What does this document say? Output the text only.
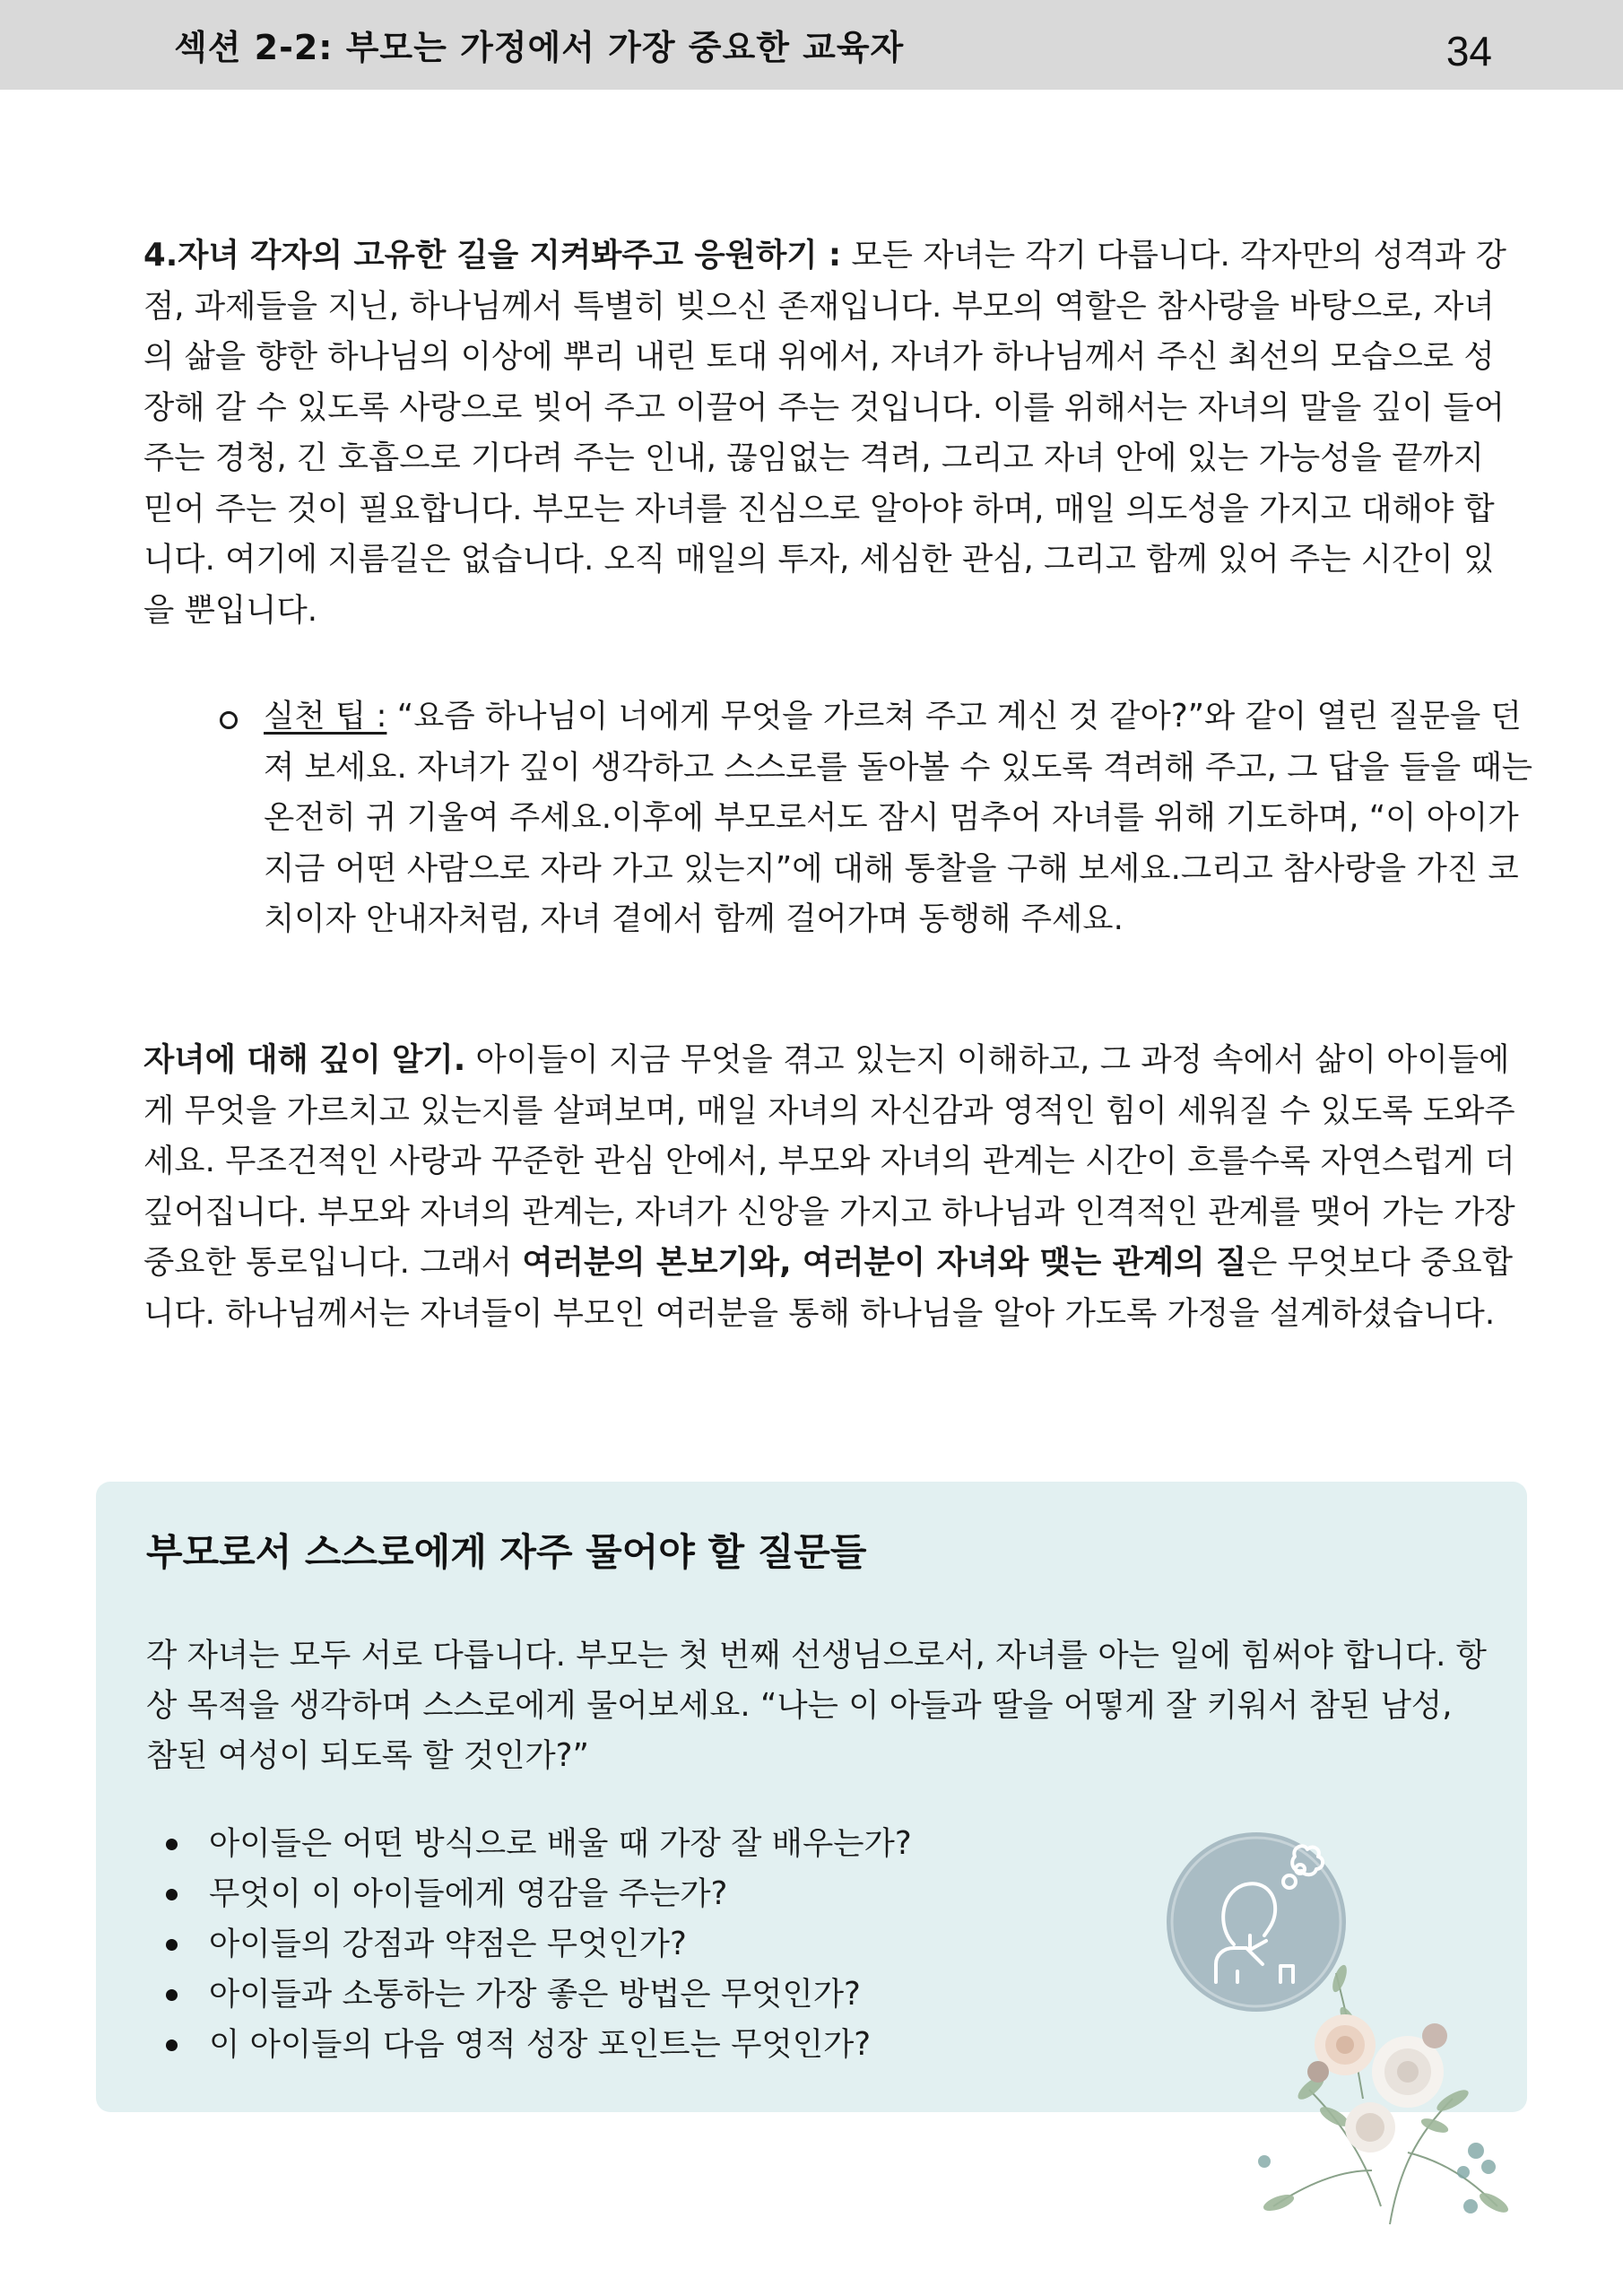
섹션 2-2: 부모는 가정에서 가장 중요한 교육자	34

4.자녀 각자의 고유한 길을 지켜봐주고 응원하기 : 모든 자녀는 각기 다릅니다. 각자만의 성격과 강점, 과제들을 지닌, 하나님께서 특별히 빚으신 존재입니다. 부모의 역할은 참사랑을 바탕으로, 자녀의 삶을 향한 하나님의 이상에 뿌리 내린 토대 위에서, 자녀가 하나님께서 주신 최선의 모습으로 성장해 갈 수 있도록 사랑으로 빚어 주고 이끌어 주는 것입니다. 이를 위해서는 자녀의 말을 깊이 들어 주는 경청, 긴 호흡으로 기다려 주는 인내, 끊임없는 격려, 그리고 자녀 안에 있는 가능성을 끝까지 믿어 주는 것이 필요합니다. 부모는 자녀를 진심으로 알아야 하며, 매일 의도성을 가지고 대해야 합니다. 여기에 지름길은 없습니다. 오직 매일의 투자, 세심한 관심, 그리고 함께 있어 주는 시간이 있을 뿐입니다.

실천 팁 : “요즘 하나님이 너에게 무엇을 가르쳐 주고 계신 것 같아?”와 같이 열린 질문을 던져 보세요. 자녀가 깊이 생각하고 스스로를 돌아볼 수 있도록 격려해 주고, 그 답을 들을 때는 온전히 귀 기울여 주세요.이후에 부모로서도 잠시 멈추어 자녀를 위해 기도하며, “이 아이가 지금 어떤 사람으로 자라 가고 있는지”에 대해 통찰을 구해 보세요.그리고 참사랑을 가진 코치이자 안내자처럼, 자녀 곁에서 함께 걸어가며 동행해 주세요.

자녀에 대해 깊이 알기. 아이들이 지금 무엇을 겪고 있는지 이해하고, 그 과정 속에서 삶이 아이들에게 무엇을 가르치고 있는지를 살펴보며, 매일 자녀의 자신감과 영적인 힘이 세워질 수 있도록 도와주세요. 무조건적인 사랑과 꾸준한 관심 안에서, 부모와 자녀의 관계는 시간이 흐를수록 자연스럽게 더 깊어집니다. 부모와 자녀의 관계는, 자녀가 신앙을 가지고 하나님과 인격적인 관계를 맺어 가는 가장 중요한 통로입니다. 그래서 여러분의 본보기와, 여러분이 자녀와 맺는 관계의 질은 무엇보다 중요합니다. 하나님께서는 자녀들이 부모인 여러분을 통해 하나님을 알아 가도록 가정을 설계하셨습니다.

부모로서 스스로에게 자주 물어야 할 질문들

각 자녀는 모두 서로 다릅니다. 부모는 첫 번째 선생님으로서, 자녀를 아는 일에 힘써야 합니다. 항상 목적을 생각하며 스스로에게 물어보세요. “나는 이 아들과 딸을 어떻게 잘 키워서 참된 남성, 참된 여성이 되도록 할 것인가?”

아이들은 어떤 방식으로 배울 때 가장 잘 배우는가?
무엇이 이 아이들에게 영감을 주는가?
아이들의 강점과 약점은 무엇인가?
아이들과 소통하는 가장 좋은 방법은 무엇인가?
이 아이들의 다음 영적 성장 포인트는 무엇인가?
